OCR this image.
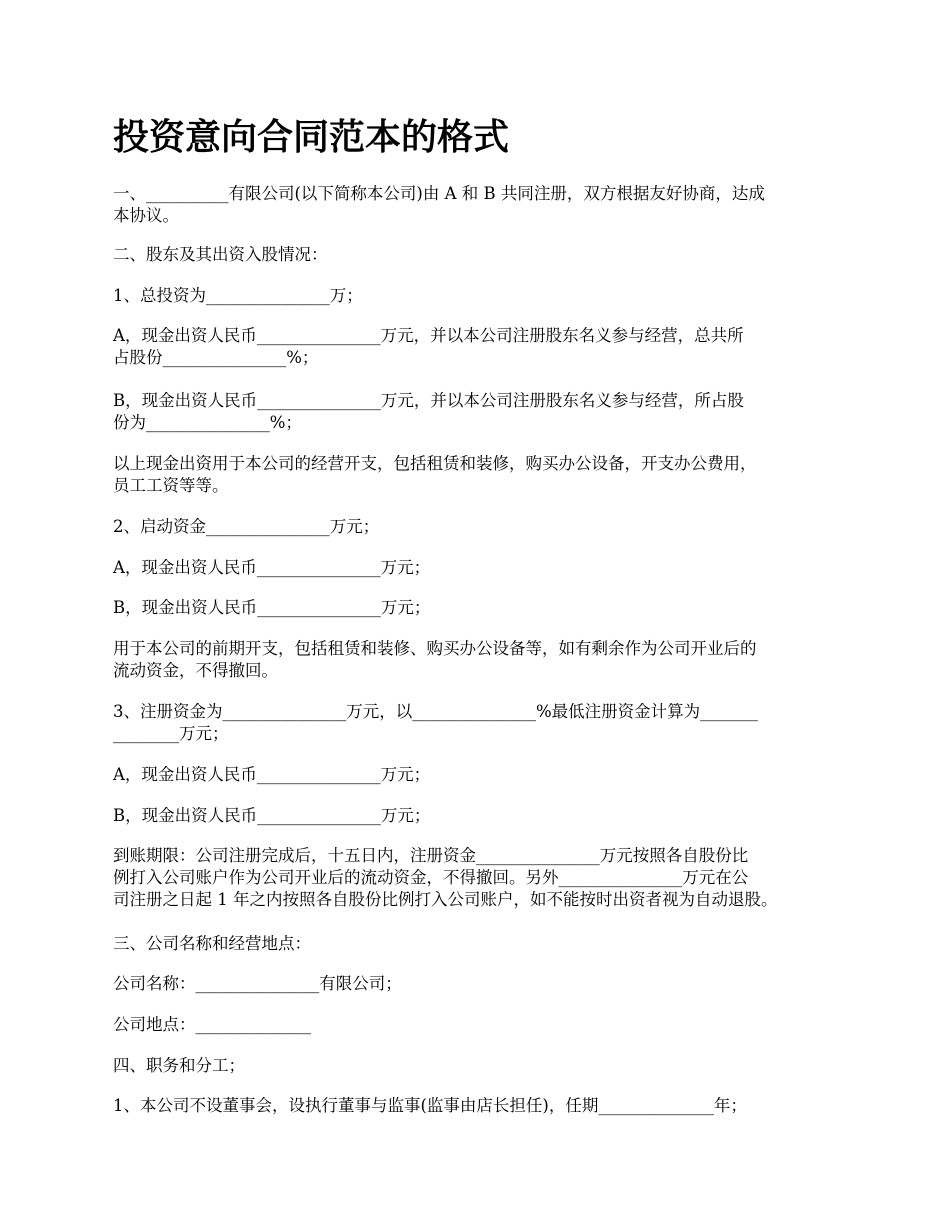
投资意向合同范本的格式
一、__________有限公司(以下简称本公司)由 A 和 B 共同注册，双方根据友好协商，达成
本协议。
二、股东及其出资入股情况：
1、总投资为_______________万；
A，现金出资人民币_______________万元，并以本公司注册股东名义参与经营，总共所
占股份_______________%；
B，现金出资人民币_______________万元，并以本公司注册股东名义参与经营，所占股
份为_______________%；
以上现金出资用于本公司的经营开支，包括租赁和装修，购买办公设备，开支办公费用，
员工工资等等。
2、启动资金_______________万元；
A，现金出资人民币_______________万元；
B，现金出资人民币_______________万元；
用于本公司的前期开支，包括租赁和装修、购买办公设备等，如有剩余作为公司开业后的
流动资金，不得撤回。
3、注册资金为_______________万元，以_______________%最低注册资金计算为_______
________万元；
A，现金出资人民币_______________万元；
B，现金出资人民币_______________万元；
到账期限：公司注册完成后，十五日内，注册资金_______________万元按照各自股份比
例打入公司账户作为公司开业后的流动资金，不得撤回。另外_______________万元在公
司注册之日起 1 年之内按照各自股份比例打入公司账户，如不能按时出资者视为自动退股。
三、公司名称和经营地点：
公司名称：_______________有限公司；
公司地点：______________
四、职务和分工；
1、本公司不设董事会，设执行董事与监事(监事由店长担任)，任期______________年；
